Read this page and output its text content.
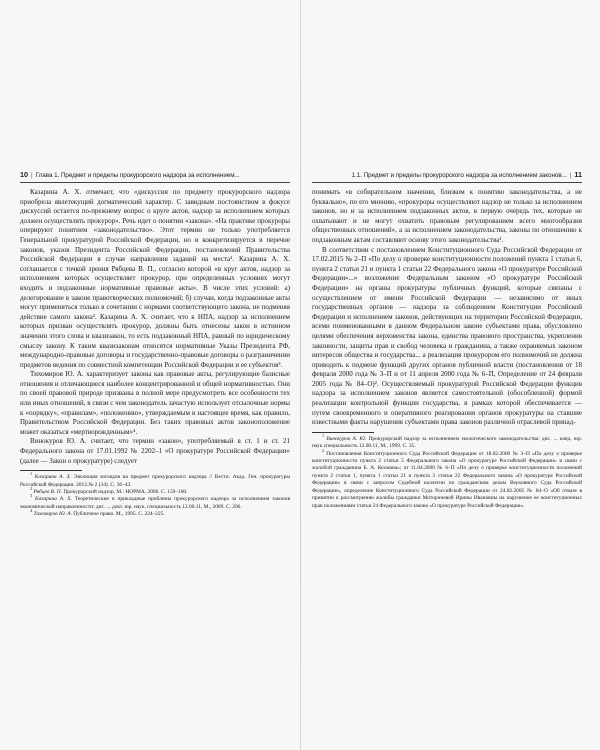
10 | Глава 1. Предмет и пределы прокурорского надзора за исполнением...

Казарина А. Х. отмечает, что «дискуссия по предмету прокурорского надзора приобрела явлетекущий догматический характер. С завидным постоянством в фокусе дискуссий остается по-прежнему вопрос о круге актов, надзор за исполнением которых должен осуществлять прокурор». Речь идет о понятии «закона». «На практике прокуроры оперируют понятием «законодательство». Этот термин не только употребляется Генеральной прокуратурой Российской Федерации, но и конкретизируется в перечне законов, указов Президента Российской Федерации, постановлений Правительства Российской Федерации в случае направления заданий на места¹. Казарина А. Х. соглашается с точкой зрения Рябцева В. П., согласно которой «в круг актов, надзор за исполнением которых осуществляет прокурор, при определенных условиях могут входить и подзаконные нормативные правовые акты». В числе этих условий: а) делегирование в законе правотворческих полномочий; б) случаи, когда подзаконные акты могут применяться только в сочетании с нормами соответствующего закона, не подменяя действие самого закона². Казарина А. Х. считает, что к НПА, надзор за исполнением которых призван осуществлять прокурор, должны быть отнесены закон в истинном значении этого слова и квазизакон, то есть подзаконный НПА, равный по юридическому смыслу закону. К таким квазизаконам относятся нормативные Указы Президента РФ, международно-правовые договоры и государственно-правовые договоры о разграничении предметов ведения по совместной компетенции Российской Федерации и ее субъектов³.

Тихомиров Ю. А. характеризует законы как правовые акты, регулирующие базисные отношения и отличающиеся наиболее концентрированной и общей нормативностью. Они по своей правовой природе призваны в полной мере предусмотреть все особенности тех или иных отношений, в связи с чем законодатель зачастую использует отсылочные нормы к «порядку», «правилам», «положению», утверждаемым в настоящее время, как правило, Правительством Российской Федерации. Без таких правовых актов законоположение может оказаться «мертворожденным»⁴.

Винокуров Ю. А. считает, что термин «закон», употребляемый в ст. 1 и ст. 21 Федерального закона от 17.01.1992 № 2202–1 «О прокуратуре Российской Федерации» (далее — Закон о прокуратуре) следует

$^1$ Казарина А. Х. Эволюция взглядов на предмет прокурорского надзора // Вестн. Акад. Ген. прокуратуры Российской Федерации. 2013.№ 2 (34). С. 36–43.

$^2$ Рябцев В. П. Прокурорский надзор. М.: НОРМА, 2006. С. 159–160.

$^3$ Казарина А. Х. Теоретические и прикладные проблемы прокурорского надзора за исполнением законов экономической направленности: дис. ... докт. юр. наук, специальность 12.00.11, М., 2009. С. 206.

$^4$ Тихомиров Ю. А. Публичное право. М., 1995. С. 224–225.

1.1. Предмет и пределы прокурорского надзора за исполнением законов... | 11

понимать «в собирательном значении, близком к понятию законодательства, а не буквально», по его мнению, «прокуроры осуществляют надзор не только за исполнением законов, но и за исполнением подзаконных актов, в первую очередь тех, которые не охватывают и не могут охватить правовым регулированием всего многообразия общественных отношений», а за исполнением законодательства, законы по отношению к подзаконным актам составляют основу этого законодательства¹.

В соответствии с постановлением Конституционного Суда Российской Федерации от 17.02.2015 № 2–П «По делу о проверке конституционности положений пункта 1 статьи 6, пункта 2 статьи 21 и пункта 1 статьи 22 Федерального закона «О прокуратуре Российской Федерации»...» возложение Федеральным законом «О прокуратуре Российской Федерации» на органы прокуратуры публичных функций, которые связаны с осуществлением от имени Российской Федерации — независимо от иных государственных органов — надзора за соблюдением Конституции Российской Федерации и исполнением законов, действующих на территории Российской Федерации, всеми поименованными в данном Федеральном законе субъектами права, обусловлено целями обеспечения верховенства закона, единства правового пространства, укрепления законности, защиты прав и свобод человека и гражданина, а также охраняемых законом интересов общества и государства... а реализация прокурором его полномочий не должна приводить к подмене функций других органов публичной власти (постановления от 18 февраля 2000 года № 3–П и от 11 апреля 2000 года № 6–П, Определение от 24 февраля 2005 года № 84–О)². Осуществляемый прокуратурой Российской Федерации функция надзора за исполнением законов является самостоятельной (обособленной) формой реализации контрольной функции государства, в рамках которой обеспечивается — путем своевременного и оперативного реагирования органов прокуратуры на ставшие известными факты нарушения субъектами права законов различной отраслевой принад-

$^1$ Винокуров А. Ю. Прокурорский надзор за исполнением экологического законодательства: дис. ... канд. юр. наук специальность 12.00.11, М., 1999. С. 35.

$^2$ Постановления Конституционного Суда Российской Федерации от 18.02.2000 № 3–П «По делу о проверке конституционности пункта 2 статьи 5 Федерального закона «О прокуратуре Российской Федерации» в связи с жалобой гражданина Б. А. Кехмана»; от 11.04.2000 № 6–П «По делу о проверке конституционности положений пункта 2 статьи 1, пункта 1 статьи 21 и пункта 3 статьи 22 Федерального закона «О прокуратуре Российской Федерации» в связи с запросом Судебной коллегии по гражданским делам Верховного Суда Российской Федерации», определение Конституционного Суда Российской Федерации от 24.02.2005 № 84–О «Об отказе в принятии к рассмотрению жалобы гражданки Моторичевой Ирины Ивановны на нарушение ее конституционных прав положениями статьи 24 Федерального закона «О прокуратуре Российской Федерации».
